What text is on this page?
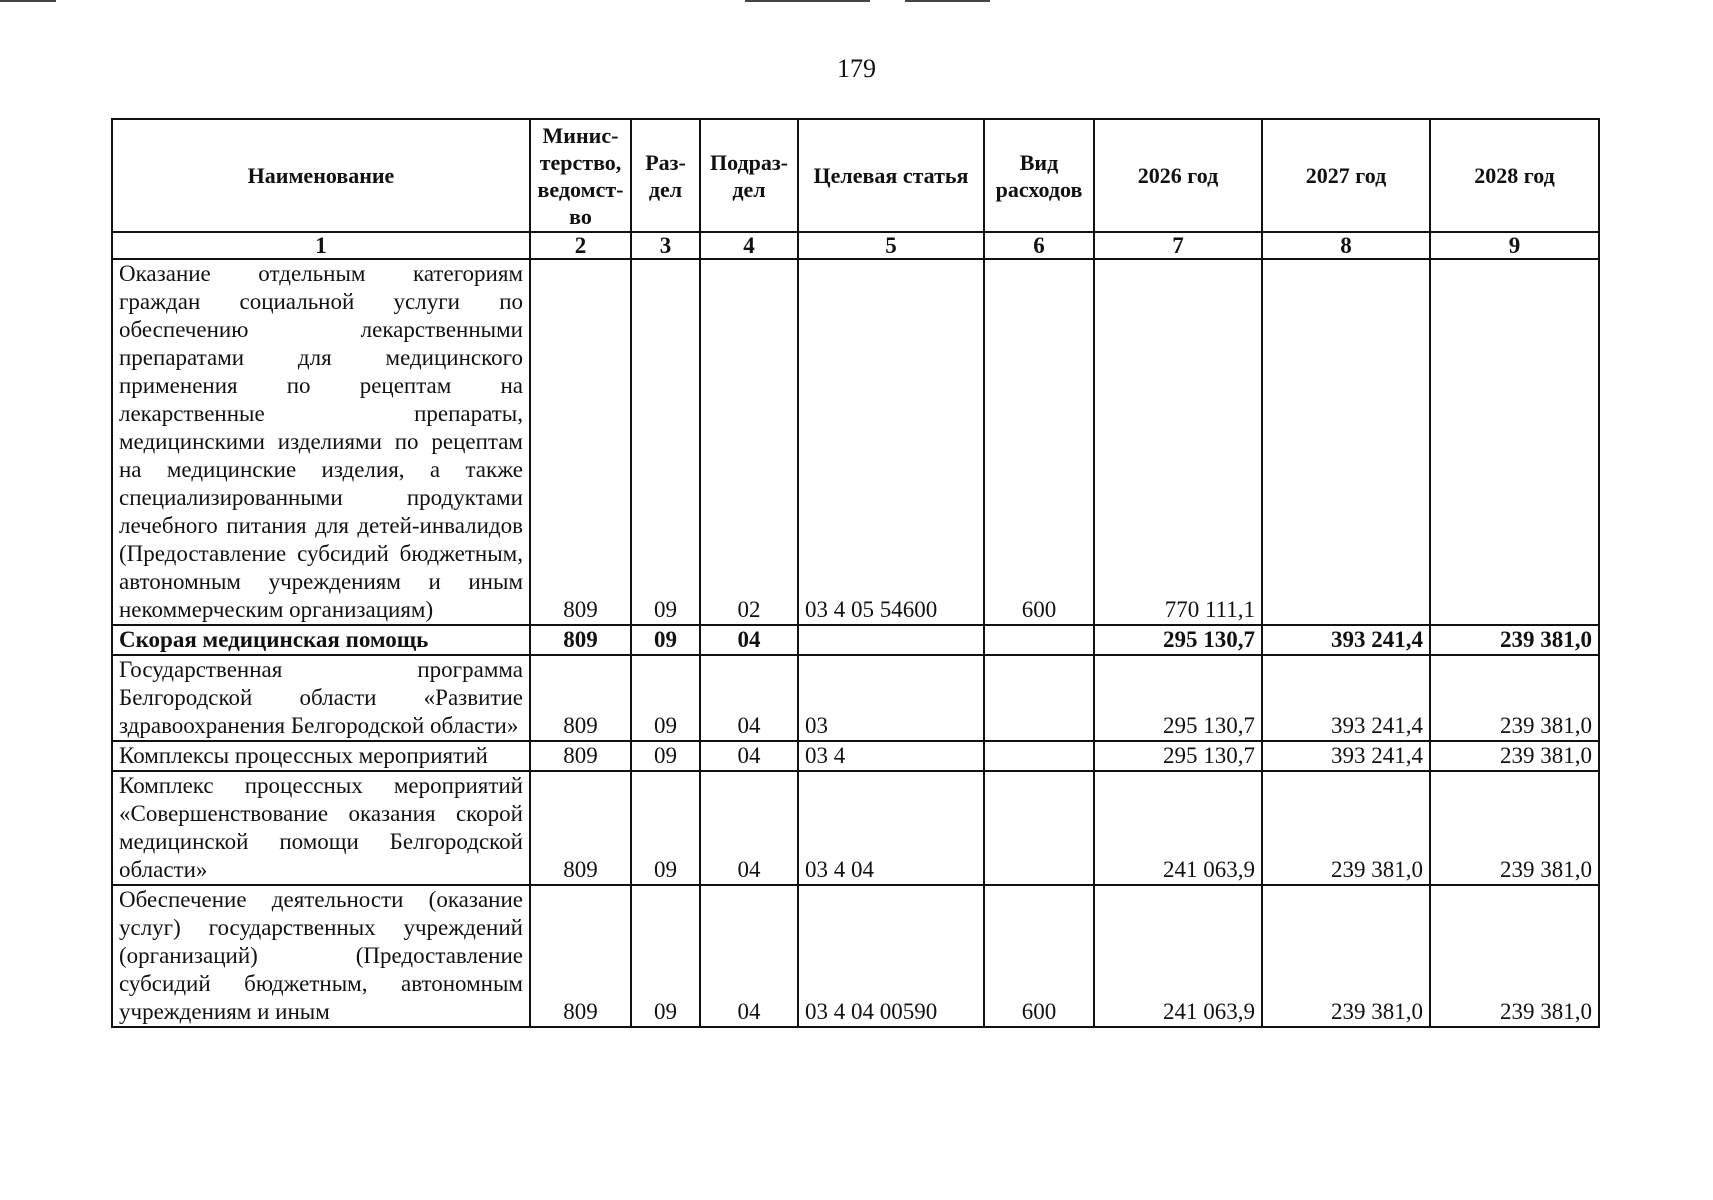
179
Наименование	Минис-терство, ведомст-во	Раз-дел	Подраз-дел	Целевая статья	Вид расходов	2026 год	2027 год	2028 год
1	2	3	4	5	6	7	8	9
Оказание отдельным категориям граждан социальной услуги по обеспечению лекарственными препаратами для медицинского применения по рецептам на лекарственные препараты, медицинскими изделиями по рецептам на медицинские изделия, а также специализированными продуктами лечебного питания для детей-инвалидов (Предоставление субсидий бюджетным, автономным учреждениям и иным некоммерческим организациям)	809	09	02	03 4 05 54600	600	770 111,1		
Скорая медицинская помощь	809	09	04			295 130,7	393 241,4	239 381,0
Государственная программа Белгородской области «Развитие здравоохранения Белгородской области»	809	09	04	03		295 130,7	393 241,4	239 381,0
Комплексы процессных мероприятий	809	09	04	03 4		295 130,7	393 241,4	239 381,0
Комплекс процессных мероприятий «Совершенствование оказания скорой медицинской помощи Белгородской области»	809	09	04	03 4 04		241 063,9	239 381,0	239 381,0
Обеспечение деятельности (оказание услуг) государственных учреждений (организаций) (Предоставление субсидий бюджетным, автономным учреждениям и иным	809	09	04	03 4 04 00590	600	241 063,9	239 381,0	239 381,0
